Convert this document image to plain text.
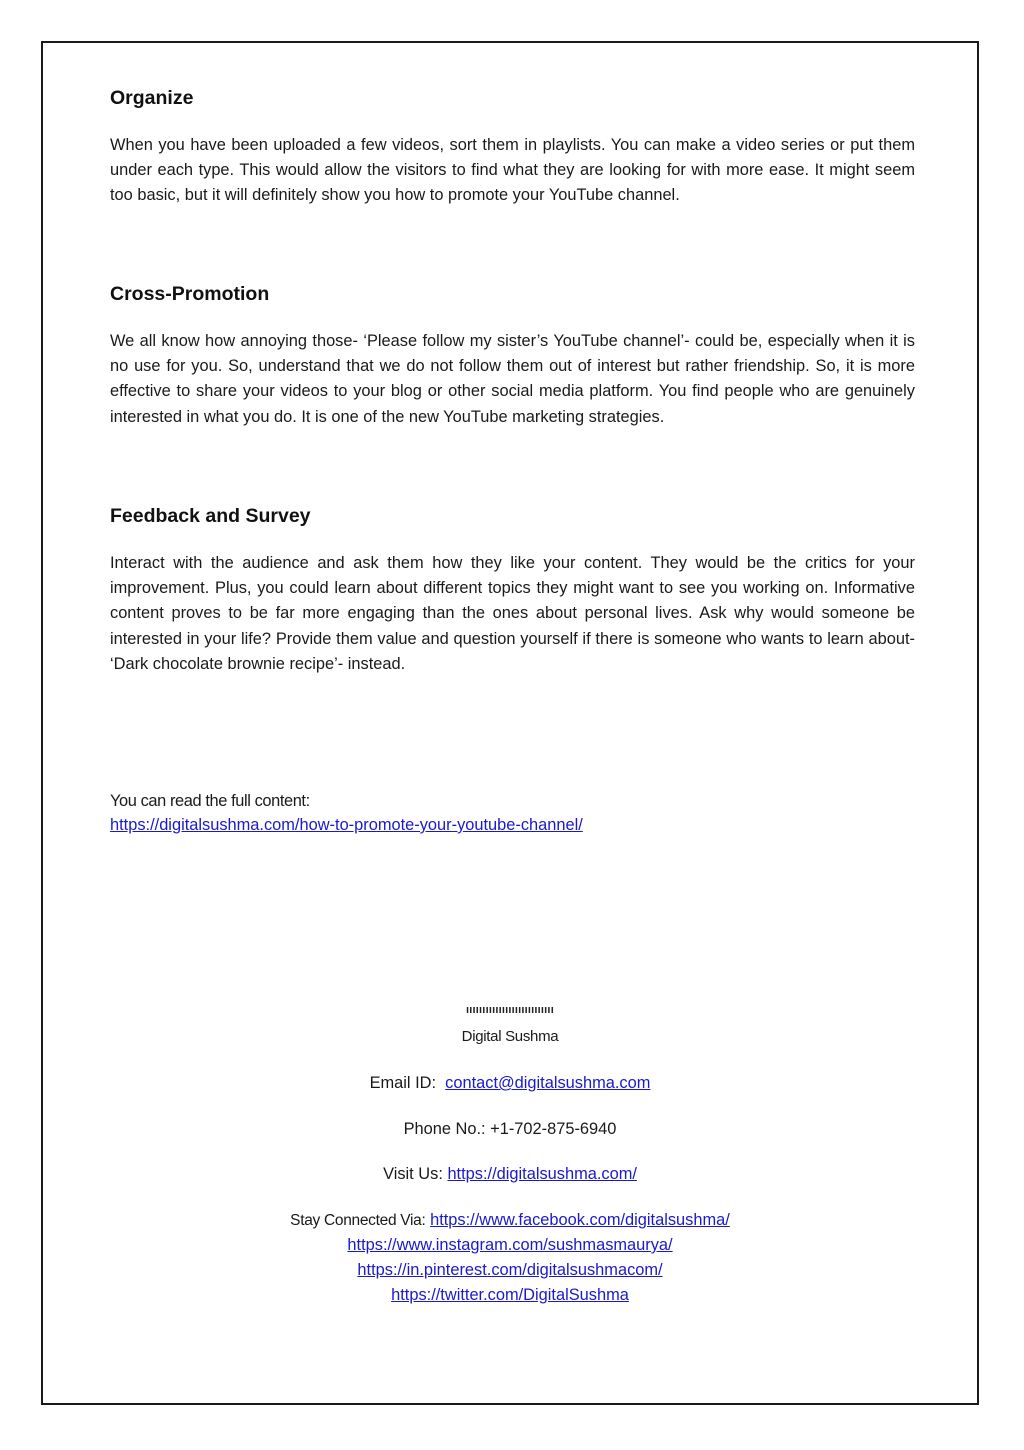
Organize

When you have been uploaded a few videos, sort them in playlists. You can make a video series or put them under each type. This would allow the visitors to find what they are looking for with more ease. It might seem too basic, but it will definitely show you how to promote your YouTube channel.

Cross-Promotion

We all know how annoying those- ‘Please follow my sister’s YouTube channel’- could be, especially when it is no use for you. So, understand that we do not follow them out of interest but rather friendship. So, it is more effective to share your videos to your blog or other social media platform. You find people who are genuinely interested in what you do. It is one of the new YouTube marketing strategies.

Feedback and Survey

Interact with the audience and ask them how they like your content. They would be the critics for your improvement. Plus, you could learn about different topics they might want to see you working on. Informative content proves to be far more engaging than the ones about personal lives. Ask why would someone be interested in your life? Provide them value and question yourself if there is someone who wants to learn about- ‘Dark chocolate brownie recipe’- instead.

You can read the full content:
https://digitalsushma.com/how-to-promote-your-youtube-channel/
ııııııııııııııııııııııııııı
Digital Sushma
Email ID: contact@digitalsushma.com
Phone No.: +1-702-875-6940
Visit Us: https://digitalsushma.com/
Stay Connected Via: https://www.facebook.com/digitalsushma/
https://www.instagram.com/sushmasmaurya/
https://in.pinterest.com/digitalsushmacom/
https://twitter.com/DigitalSushma
